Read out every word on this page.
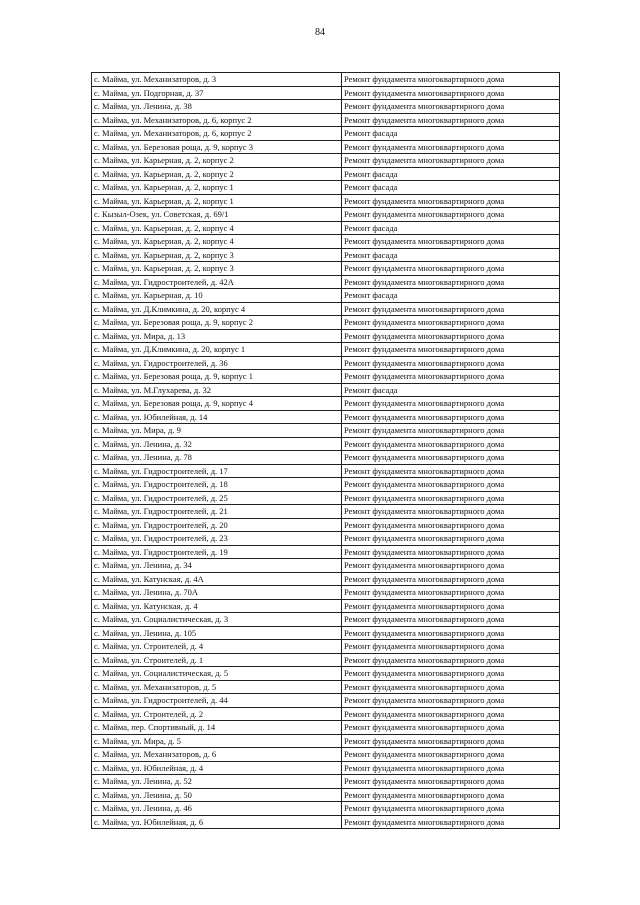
84
с. Майма, ул. Механизаторов, д. 3	Ремонт фундамента многоквартирного дома
с. Майма, ул. Подгорная, д. 37	Ремонт фундамента многоквартирного дома
с. Майма, ул. Ленина, д. 38	Ремонт фундамента многоквартирного дома
с. Майма, ул. Механизаторов, д. 6, корпус 2	Ремонт фундамента многоквартирного дома
с. Майма, ул. Механизаторов, д. 6, корпус 2	Ремонт фасада
с. Майма, ул. Березовая роща, д. 9, корпус 3	Ремонт фундамента многоквартирного дома
с. Майма, ул. Карьерная, д. 2, корпус 2	Ремонт фундамента многоквартирного дома
с. Майма, ул. Карьерная, д. 2, корпус 2	Ремонт фасада
с. Майма, ул. Карьерная, д. 2, корпус 1	Ремонт фасада
с. Майма, ул. Карьерная, д. 2, корпус 1	Ремонт фундамента многоквартирного дома
с. Кызыл-Озек, ул. Советская, д. 69/1	Ремонт фундамента многоквартирного дома
с. Майма, ул. Карьерная, д. 2, корпус 4	Ремонт фасада
с. Майма, ул. Карьерная, д. 2, корпус 4	Ремонт фундамента многоквартирного дома
с. Майма, ул. Карьерная, д. 2, корпус 3	Ремонт фасада
с. Майма, ул. Карьерная, д. 2, корпус 3	Ремонт фундамента многоквартирного дома
с. Майма, ул. Гидростроителей, д. 42А	Ремонт фундамента многоквартирного дома
с. Майма, ул. Карьерная, д. 10	Ремонт фасада
с. Майма, ул. Д.Климкина, д. 20, корпус 4	Ремонт фундамента многоквартирного дома
с. Майма, ул. Березовая роща, д. 9, корпус 2	Ремонт фундамента многоквартирного дома
с. Майма, ул. Мира, д. 13	Ремонт фундамента многоквартирного дома
с. Майма, ул. Д.Климкина, д. 20, корпус 1	Ремонт фундамента многоквартирного дома
с. Майма, ул. Гидростроителей, д. 36	Ремонт фундамента многоквартирного дома
с. Майма, ул. Березовая роща, д. 9, корпус 1	Ремонт фундамента многоквартирного дома
с. Майма, ул. М.Глухарева, д. 32	Ремонт фасада
с. Майма, ул. Березовая роща, д. 9, корпус 4	Ремонт фундамента многоквартирного дома
с. Майма, ул. Юбилейная, д. 14	Ремонт фундамента многоквартирного дома
с. Майма, ул. Мира, д. 9	Ремонт фундамента многоквартирного дома
с. Майма, ул. Ленина, д. 32	Ремонт фундамента многоквартирного дома
с. Майма, ул. Ленина, д. 78	Ремонт фундамента многоквартирного дома
с. Майма, ул. Гидростроителей, д. 17	Ремонт фундамента многоквартирного дома
с. Майма, ул. Гидростроителей, д. 18	Ремонт фундамента многоквартирного дома
с. Майма, ул. Гидростроителей, д. 25	Ремонт фундамента многоквартирного дома
с. Майма, ул. Гидростроителей, д. 21	Ремонт фундамента многоквартирного дома
с. Майма, ул. Гидростроителей, д. 20	Ремонт фундамента многоквартирного дома
с. Майма, ул. Гидростроителей, д. 23	Ремонт фундамента многоквартирного дома
с. Майма, ул. Гидростроителей, д. 19	Ремонт фундамента многоквартирного дома
с. Майма, ул. Ленина, д. 34	Ремонт фундамента многоквартирного дома
с. Майма, ул. Катунская, д. 4А	Ремонт фундамента многоквартирного дома
с. Майма, ул. Ленина, д. 70А	Ремонт фундамента многоквартирного дома
с. Майма, ул. Катунская, д. 4	Ремонт фундамента многоквартирного дома
с. Майма, ул. Социалистическая, д. 3	Ремонт фундамента многоквартирного дома
с. Майма, ул. Ленина, д. 105	Ремонт фундамента многоквартирного дома
с. Майма, ул. Строителей, д. 4	Ремонт фундамента многоквартирного дома
с. Майма, ул. Строителей, д. 1	Ремонт фундамента многоквартирного дома
с. Майма, ул. Социалистическая, д. 5	Ремонт фундамента многоквартирного дома
с. Майма, ул. Механизаторов, д. 5	Ремонт фундамента многоквартирного дома
с. Майма, ул. Гидростроителей, д. 44	Ремонт фундамента многоквартирного дома
с. Майма, ул. Строителей, д. 2	Ремонт фундамента многоквартирного дома
с. Майма, пер. Спортивный, д. 14	Ремонт фундамента многоквартирного дома
с. Майма, ул. Мира, д. 5	Ремонт фундамента многоквартирного дома
с. Майма, ул. Механизаторов, д. 6	Ремонт фундамента многоквартирного дома
с. Майма, ул. Юбилейная, д. 4	Ремонт фундамента многоквартирного дома
с. Майма, ул. Ленина, д. 52	Ремонт фундамента многоквартирного дома
с. Майма, ул. Ленина, д. 50	Ремонт фундамента многоквартирного дома
с. Майма, ул. Ленина, д. 46	Ремонт фундамента многоквартирного дома
с. Майма, ул. Юбилейная, д. 6	Ремонт фундамента многоквартирного дома
